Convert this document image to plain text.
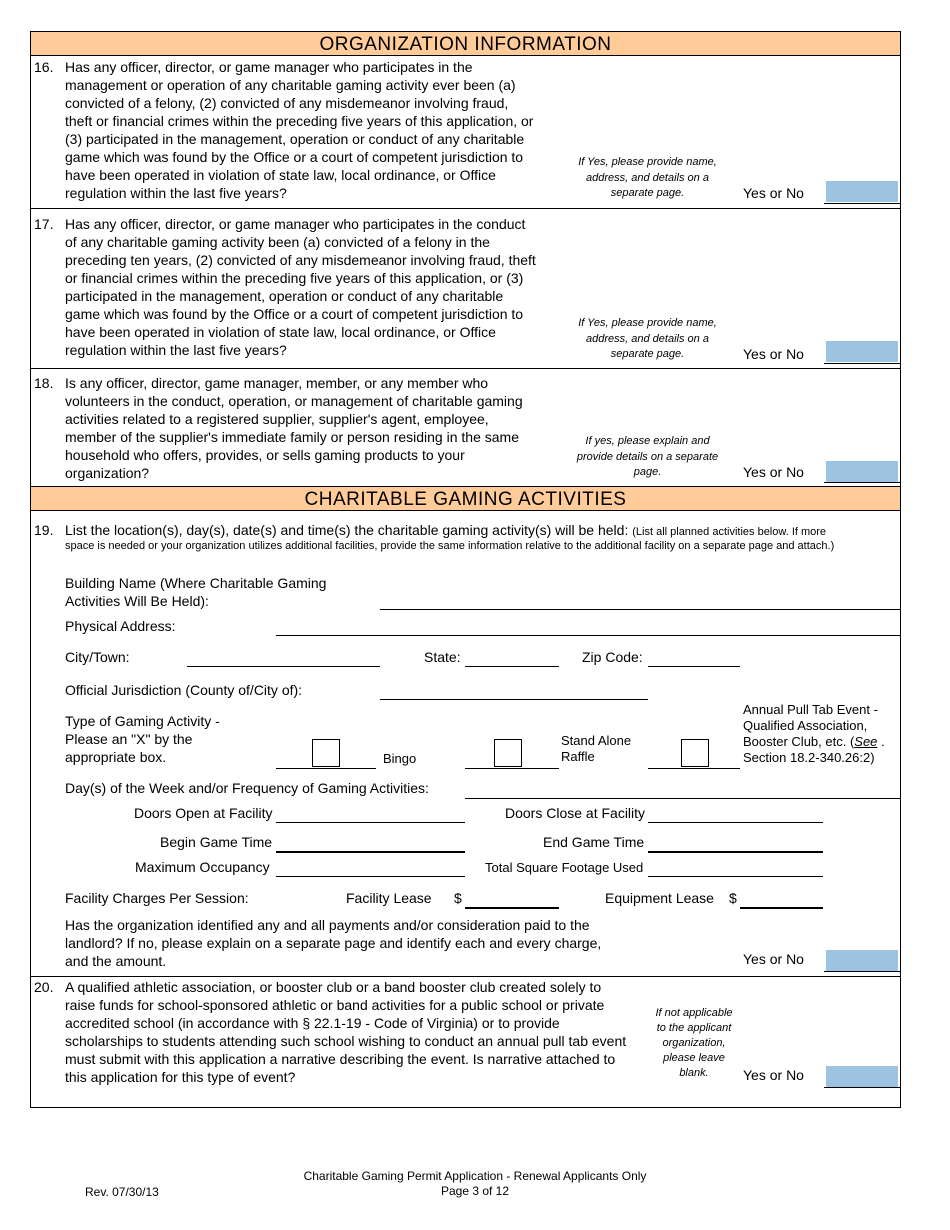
ORGANIZATION INFORMATION
16. Has any officer, director, or game manager who participates in the
management or operation of any charitable gaming activity ever been (a)
convicted of a felony, (2) convicted of any misdemeanor involving fraud,
theft or financial crimes within the preceding five years of this application, or
(3) participated in the management, operation or conduct of any charitable
game which was found by the Office or a court of competent jurisdiction to
have been operated in violation of state law, local ordinance, or Office
regulation within the last five years?
If Yes, please provide name,
address, and details on a
separate page.	Yes or No
17. Has any officer, director, or game manager who participates in the conduct
of any charitable gaming activity been (a) convicted of a felony in the
preceding ten years, (2) convicted of any misdemeanor involving fraud, theft
or financial crimes within the preceding five years of this application, or (3)
participated in the management, operation or conduct of any charitable
game which was found by the Office or a court of competent jurisdiction to
have been operated in violation of state law, local ordinance, or Office
regulation within the last five years?
If Yes, please provide name,
address, and details on a
separate page.	Yes or No
18. Is any officer, director, game manager, member, or any member who
volunteers in the conduct, operation, or management of charitable gaming
activities related to a registered supplier, supplier's agent, employee,
member of the supplier's immediate family or person residing in the same
household who offers, provides, or sells gaming products to your
organization?
If yes, please explain and
provide details on a separate
page.	Yes or No
CHARITABLE GAMING ACTIVITIES
19. List the location(s), day(s), date(s) and time(s) the charitable gaming activity(s) will be held: (List all planned activities below. If more
space is needed or your organization utilizes additional facilities, provide the same information relative to the additional facility on a separate page and attach.)
Building Name (Where Charitable Gaming
Activities Will Be Held):
Physical Address:
City/Town:	State:	Zip Code:
Official Jurisdiction (County of/City of):
Type of Gaming Activity -
Please an "X" by the
appropriate box.	Bingo
Stand Alone
Raffle
Annual Pull Tab Event -
Qualified Association,
Booster Club, etc. (See .
Section 18.2-340.26:2)
Day(s) of the Week and/or Frequency of Gaming Activities:
Doors Open at Facility	Doors Close at Facility
Begin Game Time	End Game Time
Maximum Occupancy	Total Square Footage Used
Facility Charges Per Session:	Facility Lease $	Equipment Lease $
Has the organization identified any and all payments and/or consideration paid to the
landlord? If no, please explain on a separate page and identify each and every charge,
and the amount.	Yes or No
20. A qualified athletic association, or booster club or a band booster club created solely to
raise funds for school-sponsored athletic or band activities for a public school or private
accredited school (in accordance with § 22.1-19 - Code of Virginia) or to provide
scholarships to students attending such school wishing to conduct an annual pull tab event
must submit with this application a narrative describing the event. Is narrative attached to
this application for this type of event?
If not applicable
to the applicant
organization,
please leave
blank.	Yes or No
Rev. 07/30/13
Charitable Gaming Permit Application - Renewal Applicants Only
Page 3 of 12
